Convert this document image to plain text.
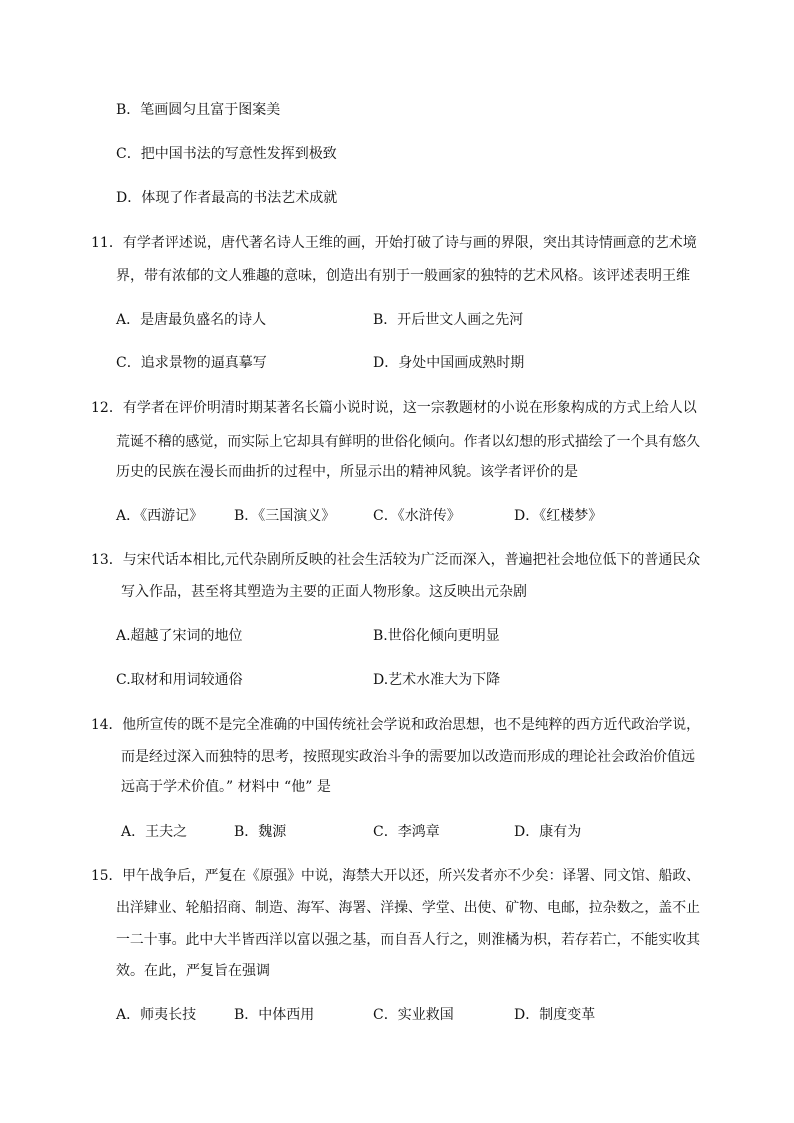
B．笔画圆匀且富于图案美
C．把中国书法的写意性发挥到极致
D．体现了作者最高的书法艺术成就
11．有学者评述说，唐代著名诗人王维的画，开始打破了诗与画的界限，突出其诗情画意的艺术境
界，带有浓郁的文人雅趣的意味，创造出有别于一般画家的独特的艺术风格。该评述表明王维
A．是唐最负盛名的诗人	B．开后世文人画之先河
C．追求景物的逼真摹写	D．身处中国画成熟时期
12．有学者在评价明清时期某著名长篇小说时说，这一宗教题材的小说在形象构成的方式上给人以
荒诞不稽的感觉，而实际上它却具有鲜明的世俗化倾向。作者以幻想的形式描绘了一个具有悠久
历史的民族在漫长而曲折的过程中，所显示出的精神风貌。该学者评价的是
A．《西游记》 B．《三国演义》	C．《水浒传》	D．《红楼梦》
13．与宋代话本相比,元代杂剧所反映的社会生活较为广泛而深入，普遍把社会地位低下的普通民众
写入作品，甚至将其塑造为主要的正面人物形象。这反映出元杂剧
A.超越了宋词的地位	B.世俗化倾向更明显
C.取材和用词较通俗	D.艺术水准大为下降
14．他所宣传的既不是完全准确的中国传统社会学说和政治思想，也不是纯粹的西方近代政治学说，
而是经过深入而独特的思考，按照现实政治斗争的需要加以改造而形成的理论社会政治价值远
远高于学术价值。” 材料中 “他” 是
A．王夫之	B．魏源	C．李鸿章	D．康有为
15．甲午战争后，严复在《原强》中说，海禁大开以还，所兴发者亦不少矣：译署、同文馆、船政、
出洋肄业、轮船招商、制造、海军、海署、洋操、学堂、出使、矿物、电邮，拉杂数之，盖不止
一二十事。此中大半皆西洋以富以强之基，而自吾人行之，则淮橘为枳，若存若亡，不能实收其
效。在此，严复旨在强调
A．师夷长技	B．中体西用	C．实业救国	D．制度变革
